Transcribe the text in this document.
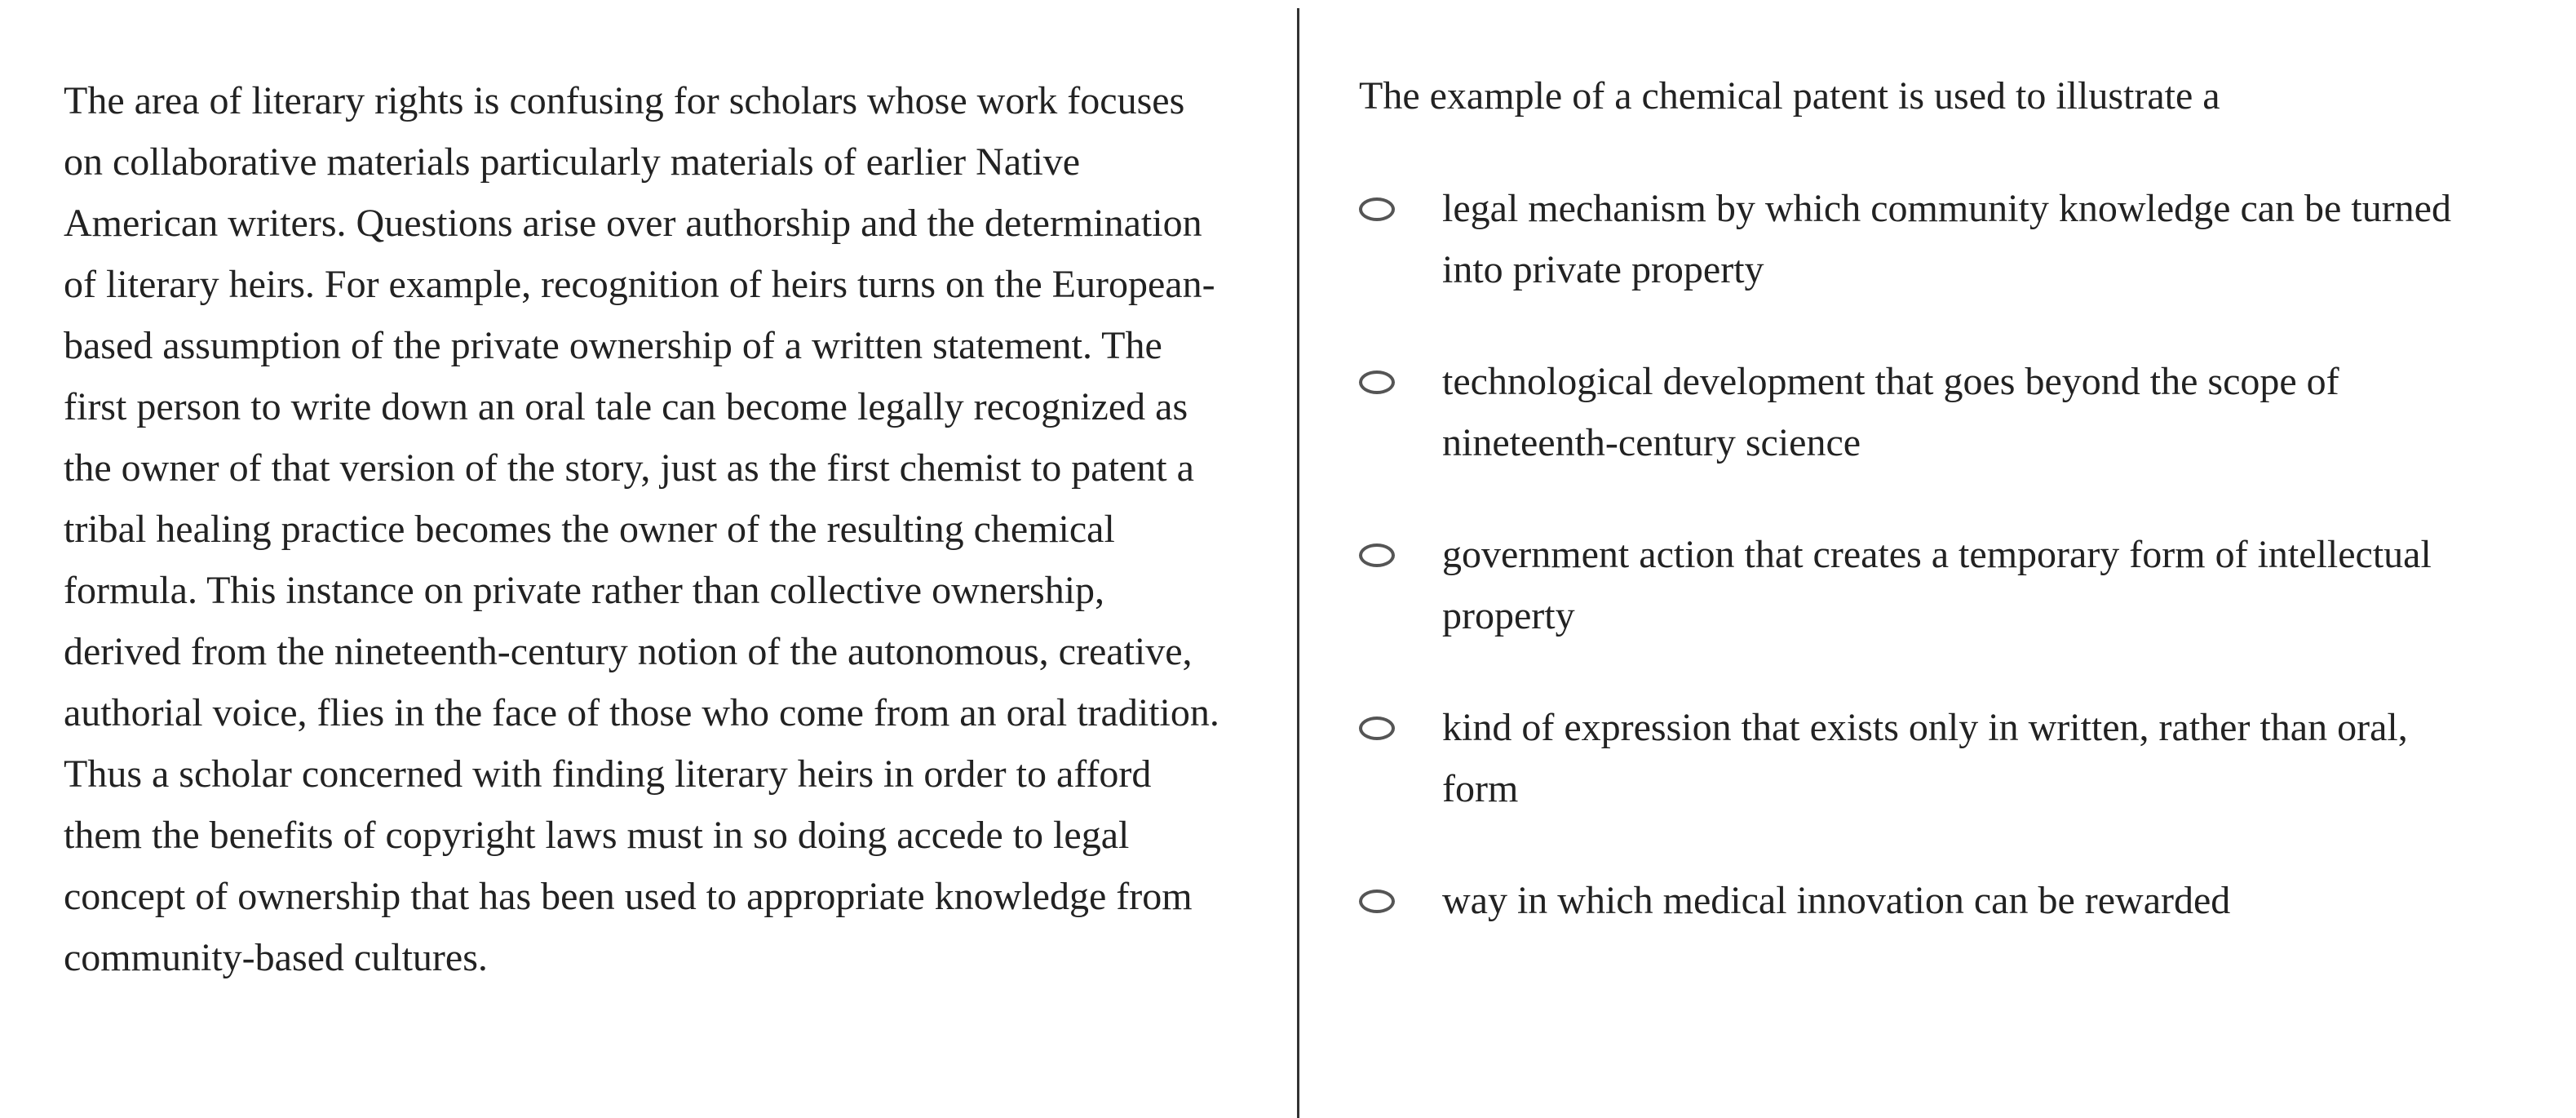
The area of literary rights is confusing for scholars whose work focuses on collaborative materials particularly materials of earlier Native American writers. Questions arise over authorship and the determination of literary heirs. For example, recognition of heirs turns on the European-based assumption of the private ownership of a written statement. The first person to write down an oral tale can become legally recognized as the owner of that version of the story, just as the first chemist to patent a tribal healing practice becomes the owner of the resulting chemical formula. This instance on private rather than collective ownership, derived from the nineteenth-century notion of the autonomous, creative, authorial voice, flies in the face of those who come from an oral tradition. Thus a scholar concerned with finding literary heirs in order to afford them the benefits of copyright laws must in so doing accede to legal concept of ownership that has been used to appropriate knowledge from community-based cultures.

The example of a chemical patent is used to illustrate a

legal mechanism by which community knowledge can be turned into private property
technological development that goes beyond the scope of nineteenth-century science
government action that creates a temporary form of intellectual property
kind of expression that exists only in written, rather than oral, form
way in which medical innovation can be rewarded
